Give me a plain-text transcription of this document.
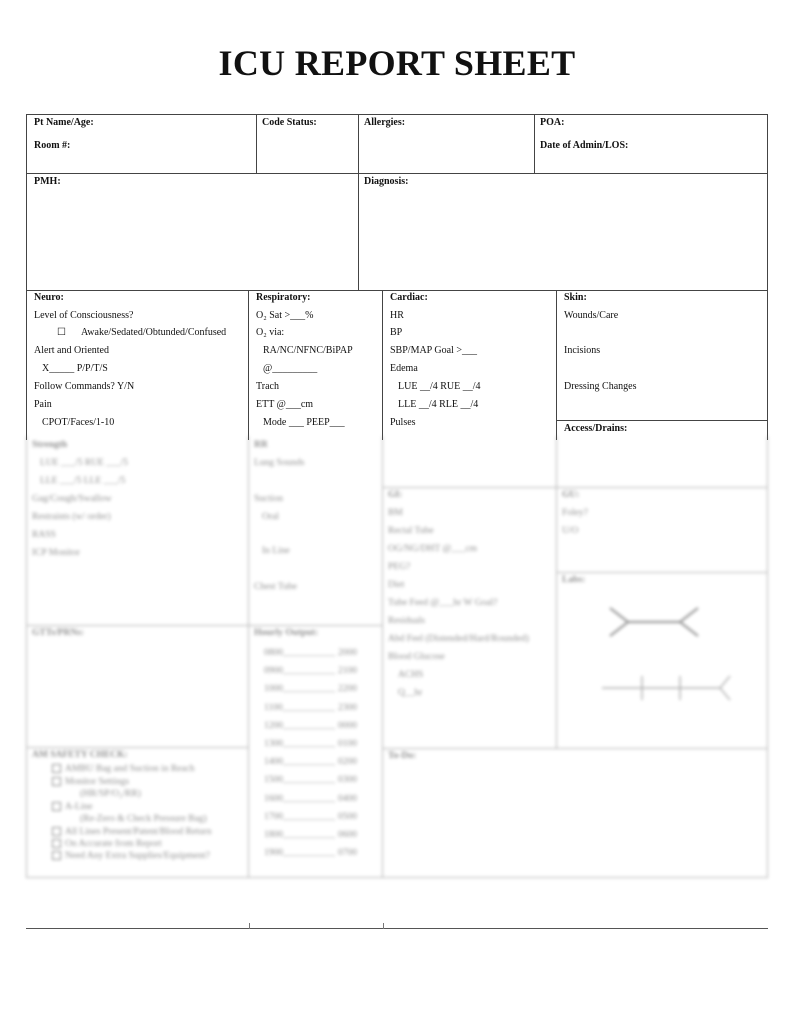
ICU REPORT SHEET
Pt Name/Age:
Room #:
Code Status:	Allergies:	POA:
Date of Admin/LOS:
PMH:	Diagnosis:
Neuro:
Level of Consciousness?
☐ Awake/Sedated/Obtunded/Confused
Alert and Oriented
X_____ P/P/T/S
Follow Commands? Y/N
Pain
CPOT/Faces/1-10
Respiratory:
O₂ Sat >___%
O₂ via:
RA/NC/NFNC/BiPAP
@_________
Trach
ETT @___cm
Mode ___ PEEP___
Cardiac:
HR
BP
SBP/MAP Goal >___
Edema
LUE __/4 RUE __/4
LLE __/4 RLE __/4
Pulses
Skin:
Wounds/Care
Incisions
Dressing Changes
Access/Drains:
Strength
LUE ___/5 RUE ___/5
LLE ___/5 LLE ___/5
Gag/Cough/Swallow
Restraints (w/ order)
RASS
ICP Monitor
GTTs/PRNs:
AM SAFETY CHECK:
AMBU Bag and Suction in Reach
Monitor Settings
(HR/SP/O₂/RR)
A-Line
(Re-Zero & Check Pressure Bag)
All Lines Present/Patent/Blood Return
On Accurate from Report
Need Any Extra Supplies/Equipment?
RR
Lung Sounds
Suction
Oral
In Line
Chest Tube
Hourly Output:
0800___________ 2000
0900___________ 2100
1000___________ 2200
1100___________ 2300
1200___________ 0000
1300___________ 0100
1400___________ 0200
1500___________ 0300
1600___________ 0400
1700___________ 0500
1800___________ 0600
1900___________ 0700
GI:
BM
Rectal Tube
OG/NG/DHT @___cm
PEG?
Diet
Tube Feed @___hr W Goal?
Residuals
Abd Feel (Distended/Hard/Rounded)
Blood Glucose
ACHS
Q__hr
To-Do:
GU:
Foley?
U/O
Labs:
